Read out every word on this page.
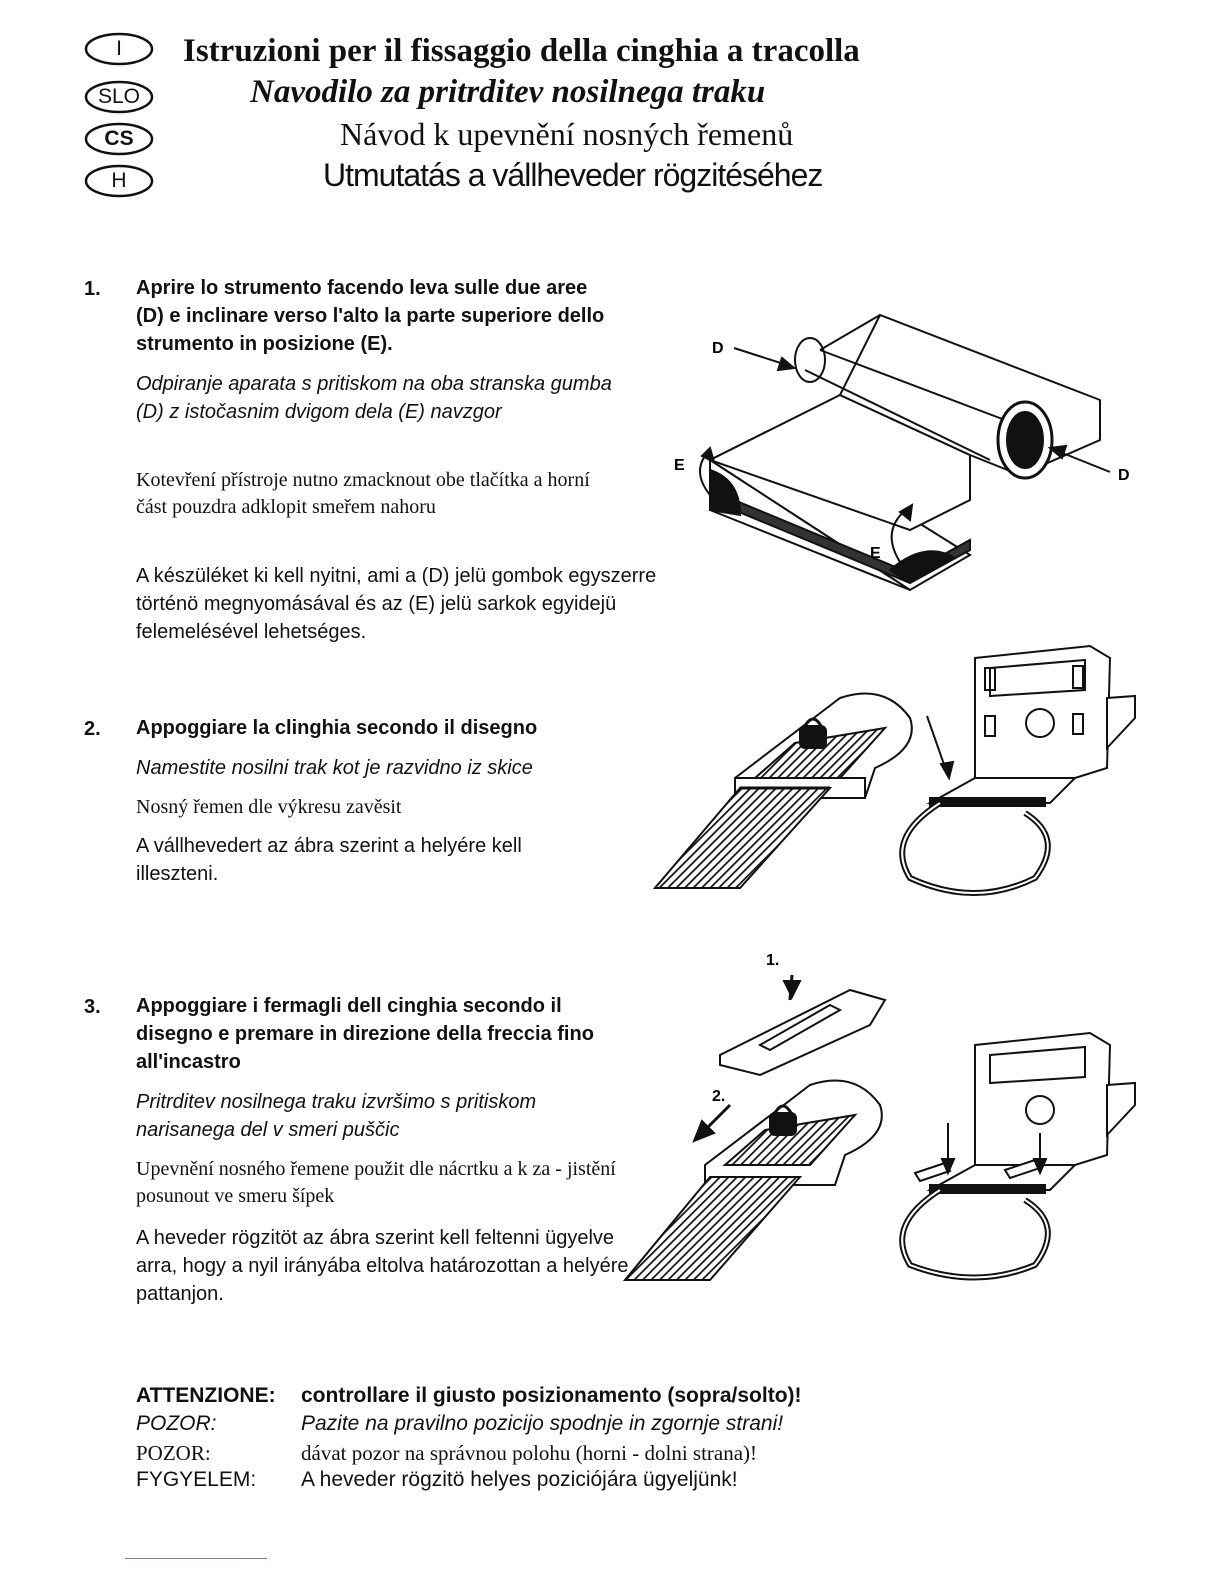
I
SLO
CS
H
Istruzioni per il fissaggio della cinghia a tracolla
Navodilo za pritrditev nosilnega traku
Návod k upevnění nosných řemenů
Utmutatás a vállheveder rögzitéséhez
1. Aprire lo strumento facendo leva sulle due aree (D) e inclinare verso l'alto la parte superiore dello strumento in posizione (E).
Odpiranje aparata s pritiskom na oba stranska gumba (D) z istočasnim dvigom dela (E) navzgor
Kotevření přístroje nutno zmacknout obe tlačítka a horní část pouzdra adklopit smeřem nahoru
A készüléket ki kell nyitni, ami a (D) jelü gombok egyszerre történö megnyomásával és az (E) jelü sarkok egyidejü felemelésével lehetséges.
2. Appoggiare la clinghia secondo il disegno
Namestite nosilni trak kot je razvidno iz skice
Nosný řemen dle výkresu zavěsit
A vállhevedert az ábra szerint a helyére kell illeszteni.
3. Appoggiare i fermagli dell cinghia secondo il disegno e premare in direzione della freccia fino all'incastro
Pritrditev nosilnega traku izvršimo s pritiskom narisanega del v smeri puščic
Upevnění nosného řemene použit dle nácrtku a k za - jistění posunout ve smeru šípek
A heveder rögzitöt az ábra szerint kell feltenni ügyelve arra, hogy a nyil irányába eltolva határozottan a helyére pattanjon.
ATTENZIONE: controllare il giusto posizionamento (sopra/solto)!
POZOR:	Pazite na pravilno pozicijo spodnje in zgornje strani!
POZOR:	dávat pozor na správnou polohu (horni - dolni strana)!
FYGYELEM: A heveder rögzitö helyes poziciójára ügyeljünk!
D
D
E
E
1.
2.
